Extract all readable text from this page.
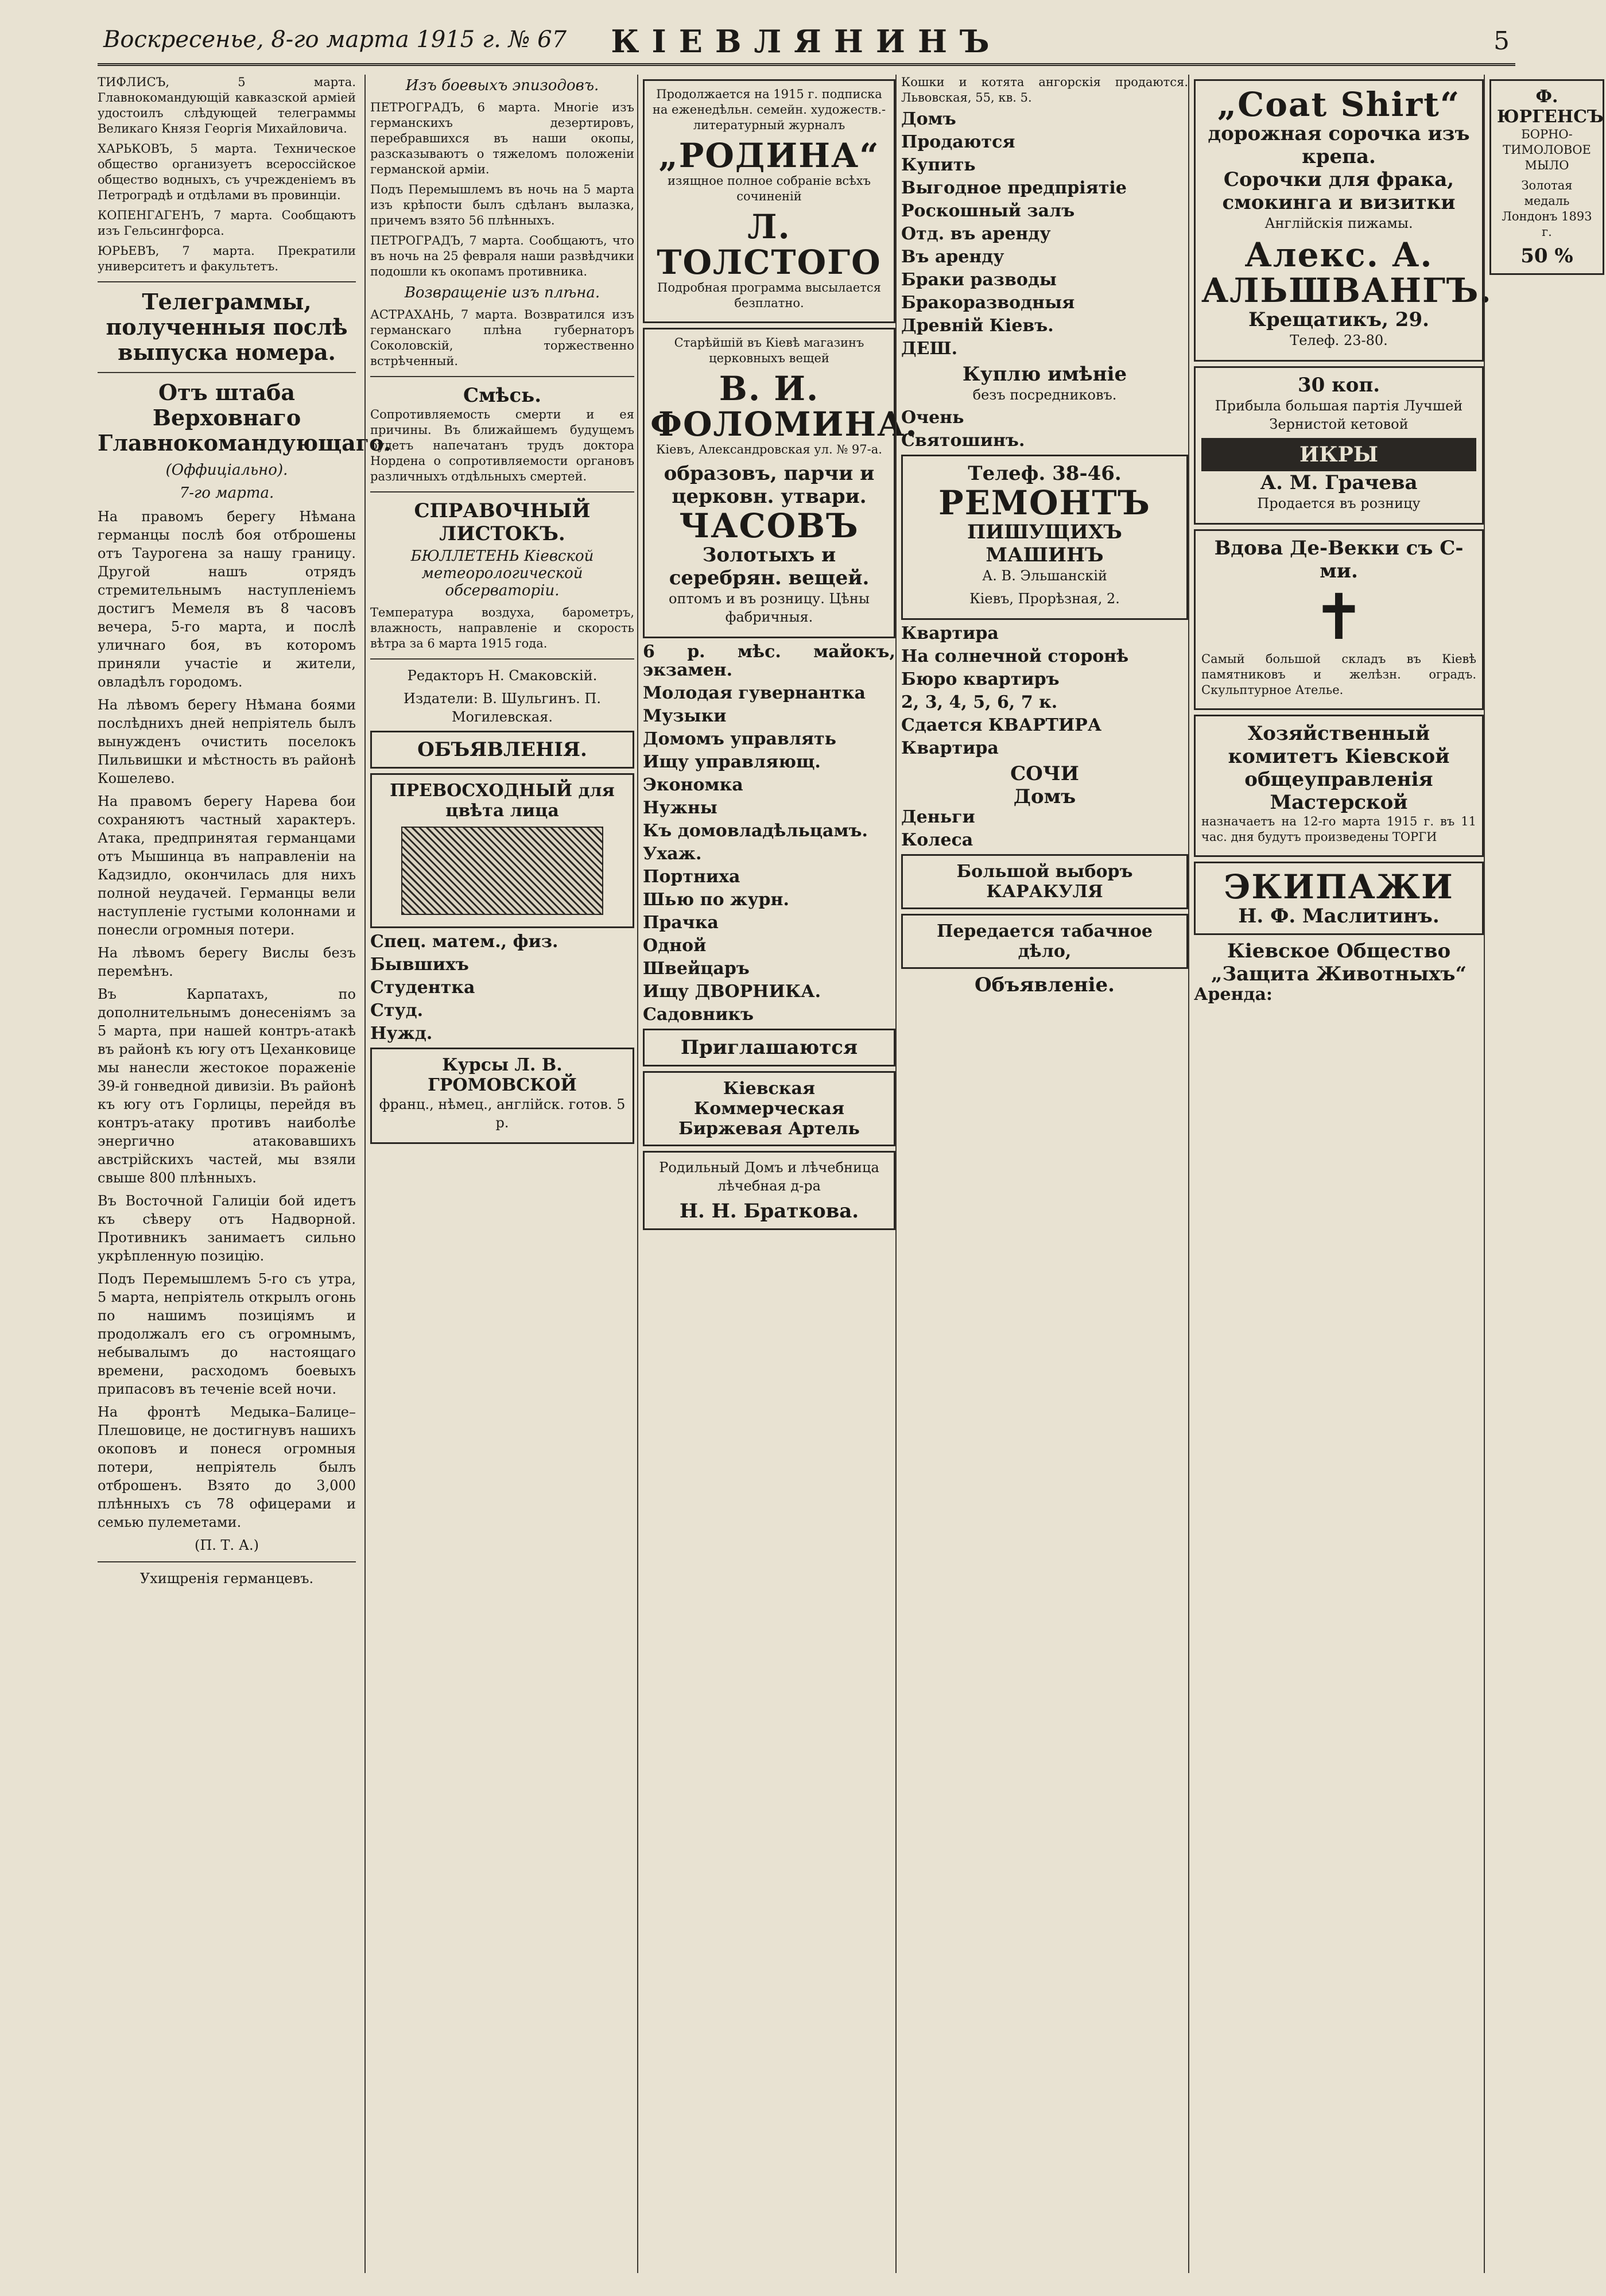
Воскресенье, 8-го марта 1915 г. № 67	КІЕВЛЯНИНЪ	5

ТИФЛИСЪ, 5 марта. Главнокомандующій кавказской арміей удостоилъ слѣдующей телеграммы Великаго Князя Георгія Михайловича.

ХАРЬКОВЪ, 5 марта. Техническое общество организуетъ всероссійское общество водныхъ, съ учрежденіемъ въ Петроградѣ и отдѣлами въ провинціи.

КОПЕНГАГЕНЪ, 7 марта. Сообщаютъ изъ Гельсингфорса.

ЮРЬЕВЪ, 7 марта. Прекратили университетъ и факультетъ.

Телеграммы, полученныя послѣ выпуска номера.
Отъ штаба Верховнаго Главнокомандующаго.
(Оффиціально).
7-го марта.

На правомъ берегу Нѣмана германцы послѣ боя отброшены отъ Таурогена за нашу границу. Другой нашъ отрядъ стремительнымъ наступленіемъ достигъ Мемеля въ 8 часовъ вечера, 5-го марта, и послѣ уличнаго боя, въ которомъ приняли участіе и жители, овладѣлъ городомъ.

На лѣвомъ берегу Нѣмана боями послѣднихъ дней непріятель былъ вынужденъ очистить поселокъ Пильвишки и мѣстность въ районѣ Кошелево.

На правомъ берегу Нарева бои сохраняютъ частный характеръ. Атака, предпринятая германцами отъ Мышинца въ направленіи на Кадзидло, окончилась для нихъ полной неудачей. Германцы вели наступленіе густыми колоннами и понесли огромныя потери.

На лѣвомъ берегу Вислы безъ перемѣнъ.

Въ Карпатахъ, по дополнительнымъ донесеніямъ за 5 марта, при нашей контръ-атакѣ въ районѣ къ югу отъ Цеханковице мы нанесли жестокое пораженіе 39-й гонведной дивизіи. Въ районѣ къ югу отъ Горлицы, перейдя въ контръ-атаку противъ наиболѣе энергично атаковавшихъ австрійскихъ частей, мы взяли свыше 800 плѣнныхъ.

Въ Восточной Галиціи бой идетъ къ сѣверу отъ Надворной. Противникъ занимаетъ сильно укрѣпленную позицію.

Подъ Перемышлемъ 5-го съ утра, 5 марта, непріятель открылъ огонь по нашимъ позиціямъ и продолжалъ его съ огромнымъ, небывалымъ до настоящаго времени, расходомъ боевыхъ припасовъ въ теченіе всей ночи.

На фронтѣ Медыка–Балице–Плешовице, не достигнувъ нашихъ окоповъ и понеся огромныя потери, непріятель былъ отброшенъ. Взято до 3,000 плѣнныхъ съ 78 офицерами и семью пулеметами.

(П. Т. А.)

Ухищренія германцевъ.

Изъ боевыхъ эпизодовъ.

ПЕТРОГРАДЪ, 6 марта. Многіе изъ германскихъ дезертировъ, перебравшихся въ наши окопы, разсказываютъ о тяжеломъ положеніи германской арміи.

Подъ Перемышлемъ въ ночь на 5 марта изъ крѣпости былъ сдѣланъ вылазка, причемъ взято 56 плѣнныхъ.

ПЕТРОГРАДЪ, 7 марта. Сообщаютъ, что въ ночь на 25 февраля наши развѣдчики подошли къ окопамъ противника.

Возвращеніе изъ плѣна.

АСТРАХАНЬ, 7 марта. Возвратился изъ германскаго плѣна губернаторъ Соколовскій, торжественно встрѣченный.

Смѣсь.

Сопротивляемость смерти и ея причины. Въ ближайшемъ будущемъ будетъ напечатанъ трудъ доктора Нордена о сопротивляемости органовъ различныхъ отдѣльныхъ смертей.

СПРАВОЧНЫЙ ЛИСТОКЪ.
БЮЛЛЕТЕНЬ Кіевской метеорологической обсерваторіи.

Температура воздуха, барометръ, влажность, направленіе и скорость вѣтра за 6 марта 1915 года.

Редакторъ Н. Смаковскій.

Издатели: В. Шульгинъ. П. Могилевская.

ОБЪЯВЛЕНІЯ.
ПРЕВОСХОДНЫЙ для цвѣта лица

Спец. матем., физ.

Бывшихъ

Студентка

Студ.

Нужд.

Курсы Л. В. ГРОМОВСКОЙ

франц., нѣмец., англійск. готов. 5 р.

Продолжается на 1915 г. подписка на еженедѣльн. семейн. художеств.-литературный журналъ

„РОДИНА“

изящное полное собраніе всѣхъ сочиненій

Л. ТОЛСТОГО

Подробная программа высылается безплатно.

Старѣйшій въ Кіевѣ магазинъ церковныхъ вещей

В. И. ФОЛОМИНА.

Кіевъ, Александровская ул. № 97-а.

образовъ, парчи и церковн. утвари.
ЧАСОВЪ
Золотыхъ и серебрян. вещей.

оптомъ и въ розницу. Цѣны фабричныя.

6 р. мѣс. майокъ, экзамен.

Молодая гувернантка

Музыки

Домомъ управлять

Ищу управляющ.

Экономка

Нужны

Къ домовладѣльцамъ.

Ухаж.

Портниха

Шью по журн.

Прачка

Одной

Швейцаръ

Ищу ДВОРНИКА.

Садовникъ

Приглашаются
Кіевская Коммерческая Биржевая Артель

Родильный Домъ и лѣчебница лѣчебная д-ра

Н. Н. Браткова.

Кошки и котята ангорскія продаются. Львовская, 55, кв. 5.

Домъ

Продаются

Купить

Выгодное предпріятіе

Роскошный залъ

Отд. въ аренду

Въ аренду

Браки разводы

Бракоразводныя

Древній Кіевъ.

ДЕШ.

Куплю имѣніе

безъ посредниковъ.

Очень

Святошинъ.

Телеф. 38-46.
РЕМОНТЪ
ПИШУЩИХЪ МАШИНЪ

А. В. Эльшанскій

Кіевъ, Прорѣзная, 2.

Квартира

На солнечной сторонѣ

Бюро квартиръ

2, 3, 4, 5, 6, 7 к.

Сдается КВАРТИРА

Квартира

СОЧИ
Домъ

Деньги

Колеса

Большой выборъ КАРАКУЛЯ
Передается табачное дѣло,
Объявленіе.
„Coat Shirt“
дорожная сорочка изъ крепа.
Сорочки для фрака, смокинга и визитки

Англійскія пижамы.

Алекс. А. АЛЬШВАНГЪ.
Крещатикъ, 29.

Телеф. 23-80.

30 коп.

Прибыла большая партія Лучшей Зернистой кетовой

ИКРЫ
А. М. Грачева

Продается въ розницу

Вдова Де-Векки съ С-ми.
✝

Самый большой складъ въ Кіевѣ памятниковъ и желѣзн. оградъ. Скульптурное Ателье.

Хозяйственный комитетъ Кіевской общеуправленія Мастерской

назначаетъ на 12-го марта 1915 г. въ 11 час. дня будутъ произведены ТОРГИ

ЭКИПАЖИ
Н. Ф. Маслитинъ.
Кіевское Общество „Защита Животныхъ“

Аренда:

Ф. ЮРГЕНСЪ

БОРНО-ТИМОЛОВОЕ МЫЛО

Золотая медаль Лондонъ 1893 г.

50 %
